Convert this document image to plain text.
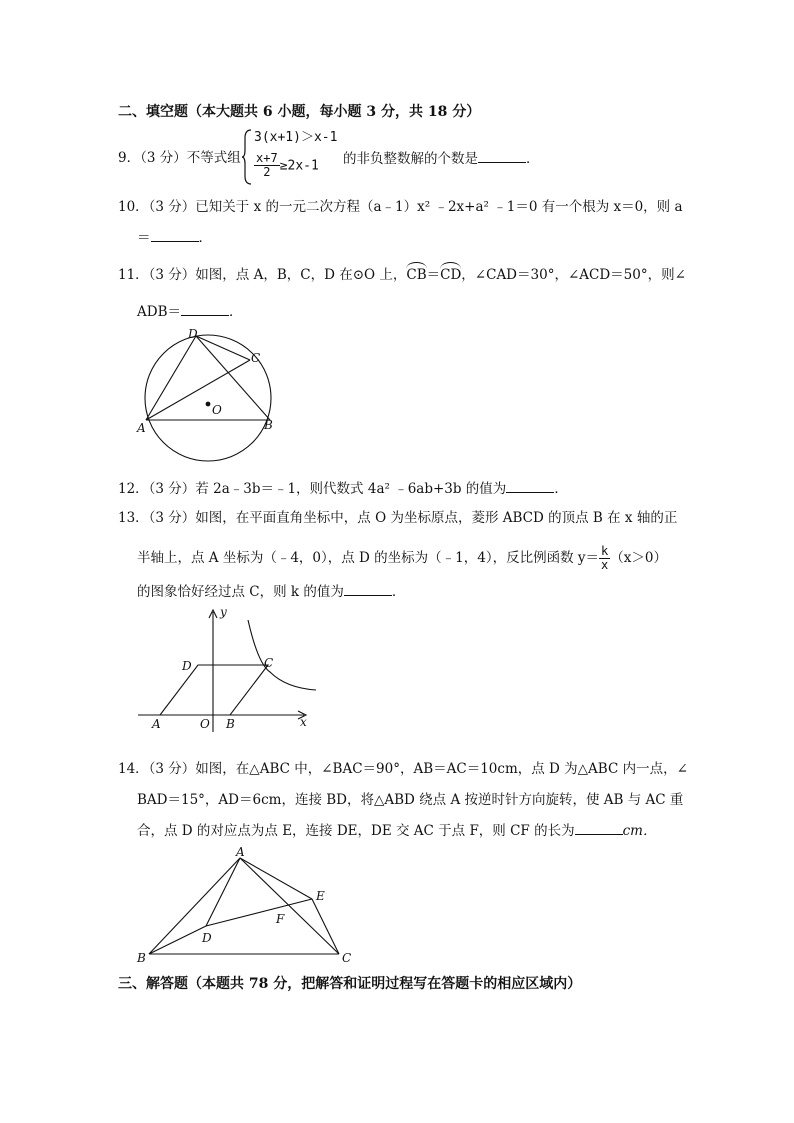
二、填空题（本大题共 6 小题，每小题 3 分，共 18 分）
9．（3 分）不等式组
3(x+1)＞x-1
$\frac{x+7}{2} \ge 2x-1$ 的非负整数解的个数是	．
10．（3 分）已知关于 x 的一元二次方程（a﹣1）x² ﹣2x+a² ﹣1＝0 有一个根为 x＝0，则 a
＝	．
11．（3 分）如图，点 A，B，C，D 在⊙O 上，CB＝CD，∠CAD＝30°，∠ACD＝50°，则∠
ADB＝	．
A	B
C
D
O
12．（3 分）若 2a﹣3b＝﹣1，则代数式 4a² ﹣6ab+3b 的值为	．
13．（3 分）如图，在平面直角坐标中，点 O 为坐标原点，菱形 ABCD 的顶点 B 在 x 轴的正
半轴上，点 A 坐标为（﹣4，0），点 D 的坐标为（﹣1，4），反比例函数 $y= \frac{k}{x} (x>0)$
的图象恰好经过点 C，则 k 的值为	．
A	B
C
D
O	x
y
14．（3 分）如图，在△ABC 中，∠BAC＝90°，AB＝AC＝10cm，点 D 为△ABC 内一点，∠
BAD＝15°，AD＝6cm，连接 BD，将△ABD 绕点 A 按逆时针方向旋转，使 AB 与 AC 重
合，点 D 的对应点为点 E，连接 DE，DE 交 AC 于点 F，则 CF 的长为	cm．
A
B	C
D
E
F
三、解答题（本题共 78 分，把解答和证明过程写在答题卡的相应区域内）
